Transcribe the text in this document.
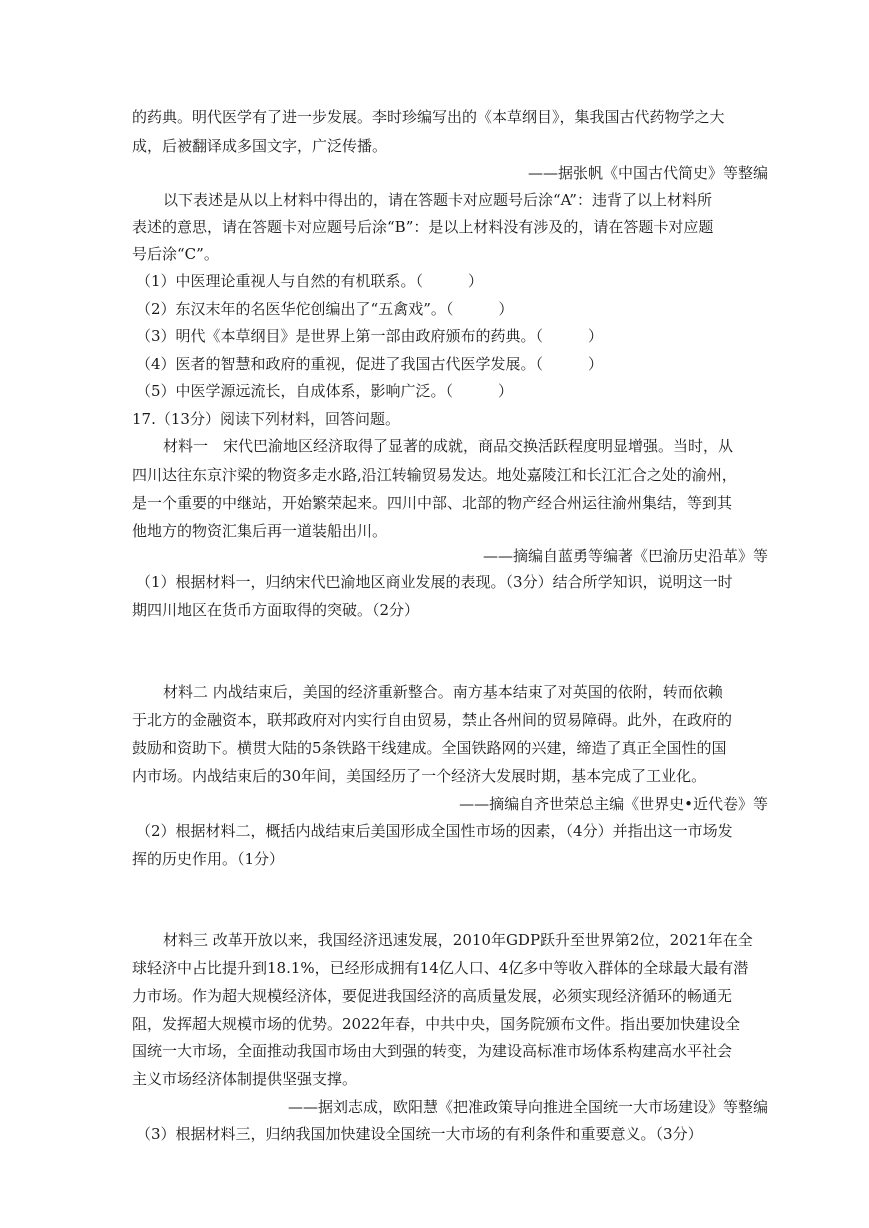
的药典。明代医学有了进一步发展。李时珍编写出的《本草纲目》，集我国古代药物学之大
成，后被翻译成多国文字，广泛传播。
——据张帆《中国古代简史》等整编
以下表述是从以上材料中得出的，请在答题卡对应题号后涂“A”：违背了以上材料所
表述的意思，请在答题卡对应题号后涂“B”：是以上材料没有涉及的，请在答题卡对应题
号后涂“C”。
（1）中医理论重视人与自然的有机联系。（　　　）
（2）东汉末年的名医华佗创编出了“五禽戏”。（　　　）
（3）明代《本草纲目》是世界上第一部由政府颁布的药典。（　　　）
（4）医者的智慧和政府的重视，促进了我国古代医学发展。（　　　）
（5）中医学源远流长，自成体系，影响广泛。（　　　）
17.（13分）阅读下列材料，回答问题。
材料一　宋代巴渝地区经济取得了显著的成就，商品交换活跃程度明显增强。当时，从
四川达往东京汴梁的物资多走水路,沿江转输贸易发达。地处嘉陵江和长江汇合之处的渝州，
是一个重要的中继站，开始繁荣起来。四川中部、北部的物产经合州运往渝州集结，等到其
他地方的物资汇集后再一道装船出川。
——摘编自蓝勇等编著《巴渝历史沿革》等
（1）根据材料一，归纳宋代巴渝地区商业发展的表现。（3分）结合所学知识，说明这一时
期四川地区在货币方面取得的突破。（2分）
材料二 内战结束后，美国的经济重新整合。南方基本结束了对英国的依附，转而依赖
于北方的金融资本，联邦政府对内实行自由贸易，禁止各州间的贸易障碍。此外，在政府的
鼓励和资助下。横贯大陆的5条铁路干线建成。全国铁路网的兴建，缔造了真正全国性的国
内市场。内战结束后的30年间，美国经历了一个经济大发展时期，基本完成了工业化。
——摘编自齐世荣总主编《世界史•近代卷》等
（2）根据材料二，概括内战结束后美国形成全国性市场的因素，（4分）并指出这一市场发
挥的历史作用。（1分）
材料三 改革开放以来，我国经济迅速发展，2010年GDP跃升至世界第2位，2021年在全
球轻济中占比提升到18.1%，已经形成拥有14亿人口、4亿多中等收入群体的全球最大最有潜
力市场。作为超大规模经济体，要促进我国经济的高质量发展，必须实现经济循环的畅通无
阻，发挥超大规模市场的优势。2022年春，中共中央，国务院颁布文件。指出要加快建设全
国统一大市场，全面推动我国市场由大到强的转变，为建设高标准市场体系构建高水平社会
主义市场经济体制提供坚强支撑。
——据刘志成，欧阳慧《把准政策导向推进全国统一大市场建设》等整编
（3）根据材料三，归纳我国加快建设全国统一大市场的有利条件和重要意义。（3分）
